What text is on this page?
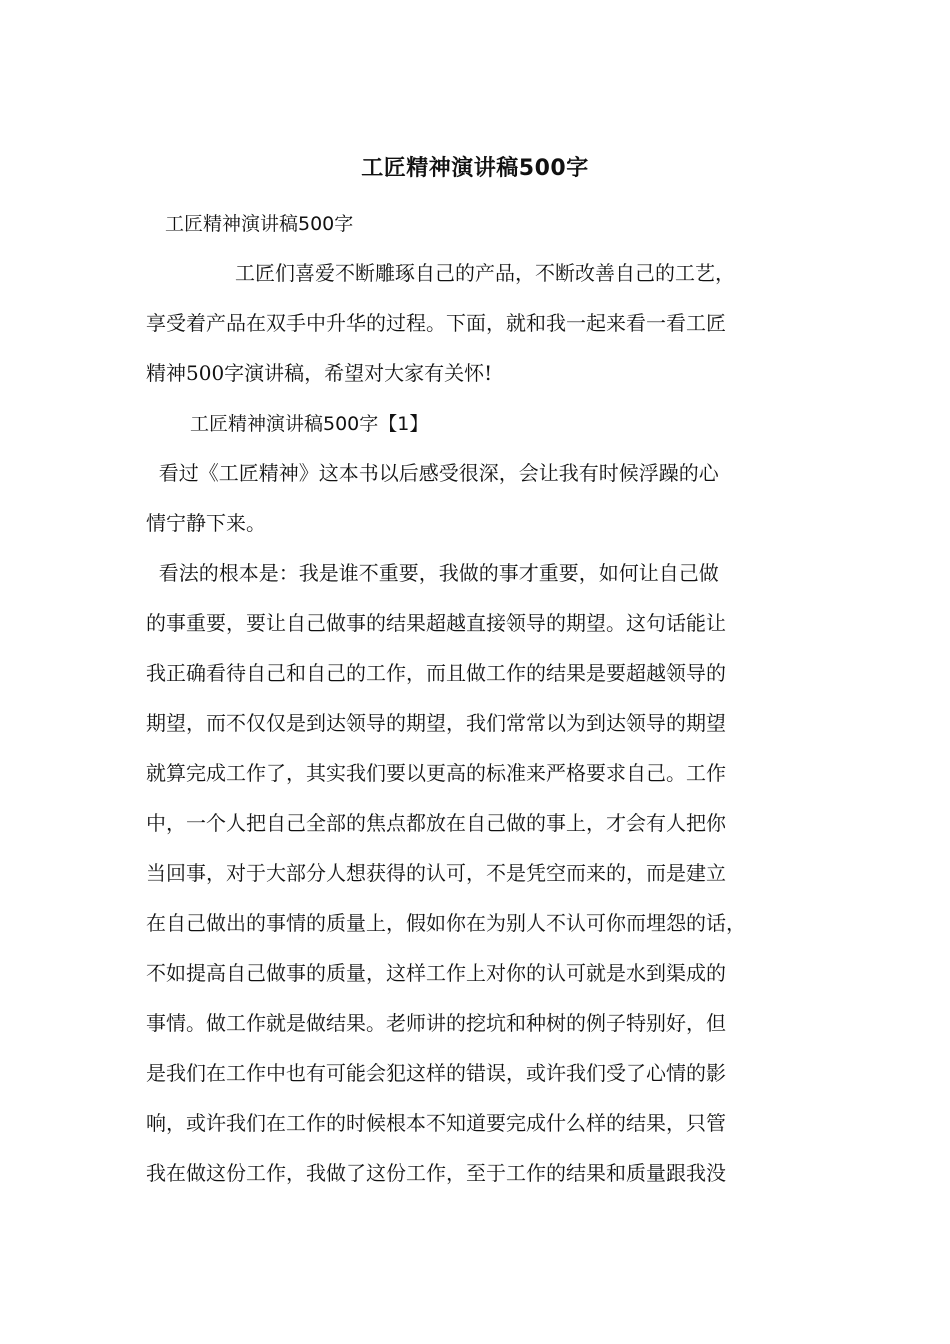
工匠精神演讲稿500字
工匠精神演讲稿500字
工匠们喜爱不断雕琢自己的产品，不断改善自己的工艺，
享受着产品在双手中升华的过程。下面，就和我一起来看一看工匠
精神500字演讲稿，希望对大家有关怀!
工匠精神演讲稿500字【1】
看过《工匠精神》这本书以后感受很深，会让我有时候浮躁的心
情宁静下来。
看法的根本是：我是谁不重要，我做的事才重要，如何让自己做
的事重要，要让自己做事的结果超越直接领导的期望。这句话能让
我正确看待自己和自己的工作，而且做工作的结果是要超越领导的
期望，而不仅仅是到达领导的期望，我们常常以为到达领导的期望
就算完成工作了，其实我们要以更高的标准来严格要求自己。工作
中，一个人把自己全部的焦点都放在自己做的事上，才会有人把你
当回事，对于大部分人想获得的认可，不是凭空而来的，而是建立
在自己做出的事情的质量上，假如你在为别人不认可你而埋怨的话，
不如提高自己做事的质量，这样工作上对你的认可就是水到渠成的
事情。做工作就是做结果。老师讲的挖坑和种树的例子特别好，但
是我们在工作中也有可能会犯这样的错误，或许我们受了心情的影
响，或许我们在工作的时候根本不知道要完成什么样的结果，只管
我在做这份工作，我做了这份工作，至于工作的结果和质量跟我没
